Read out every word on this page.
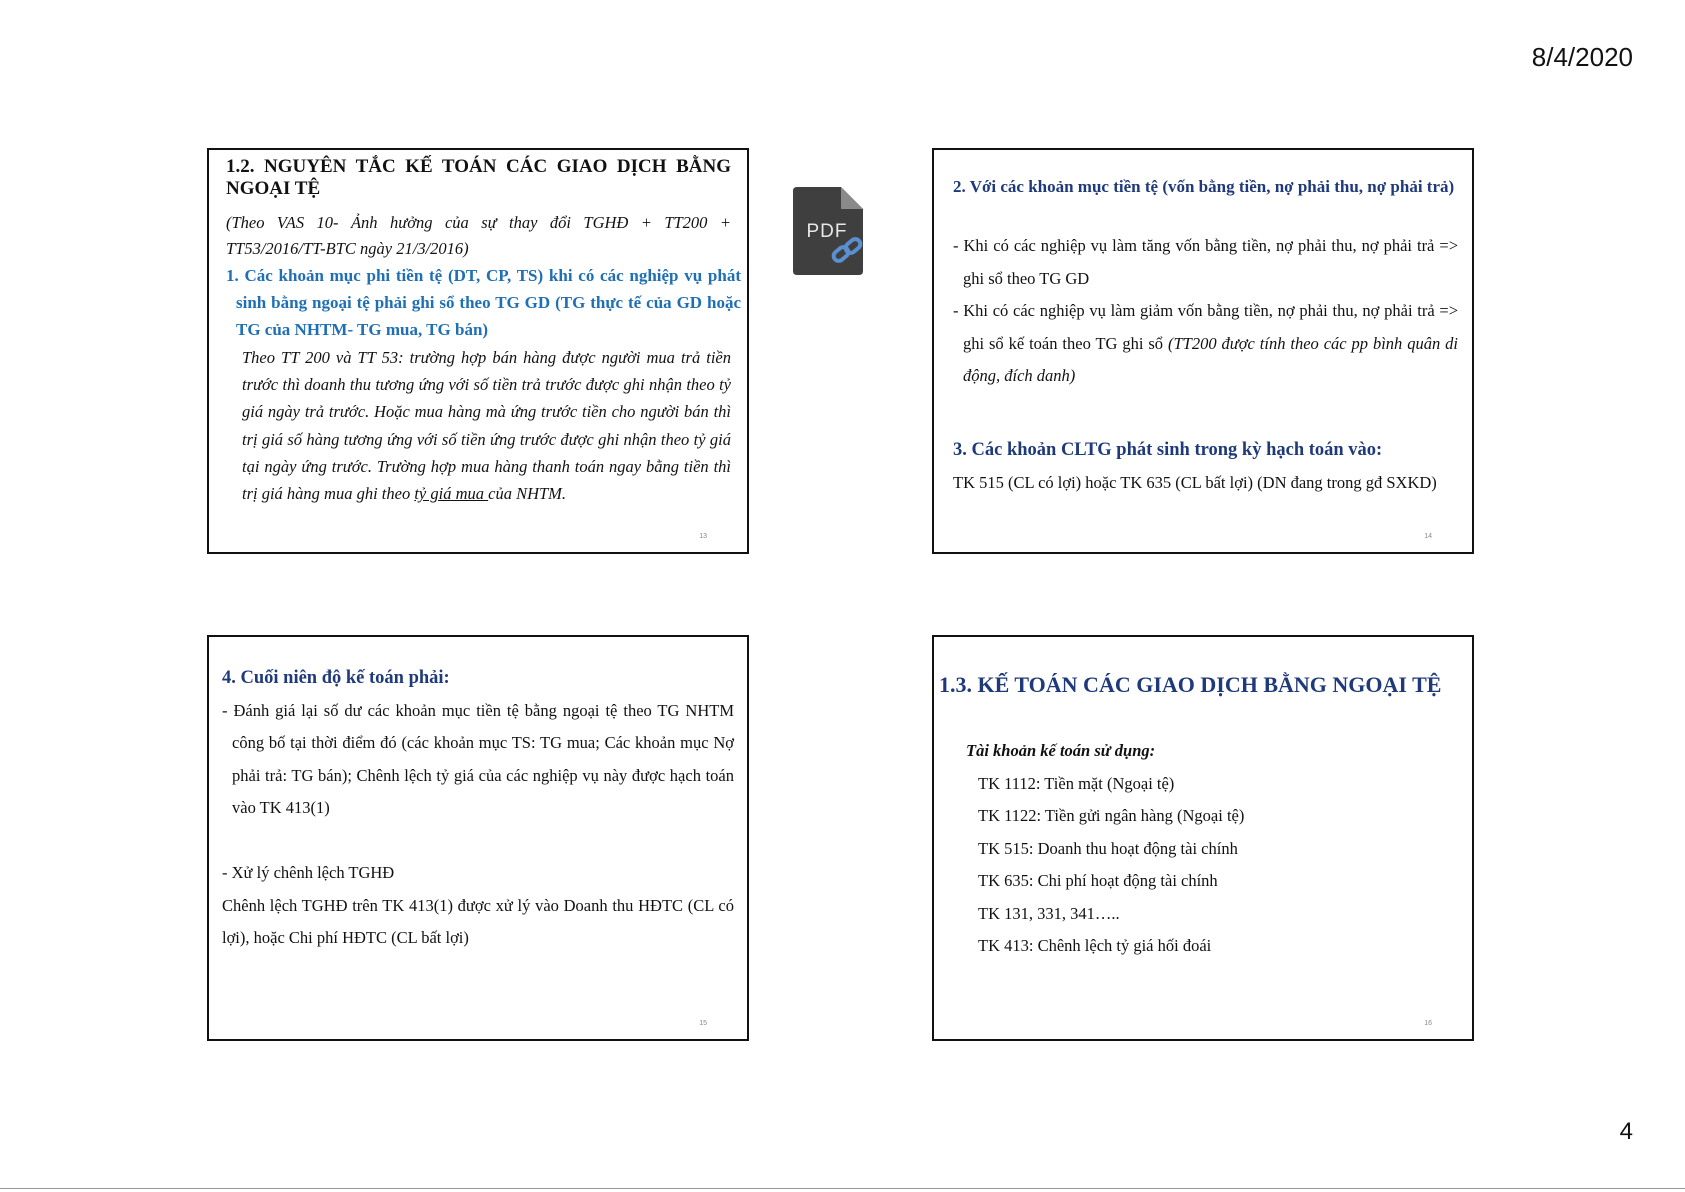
8/4/2020

1.2. NGUYÊN TẮC KẾ TOÁN CÁC GIAO DỊCH BẰNG NGOẠI TỆ

(Theo VAS 10- Ảnh hưởng của sự thay đổi TGHĐ + TT200 + TT53/2016/TT-BTC ngày 21/3/2016)

1. Các khoản mục phi tiền tệ (DT, CP, TS) khi có các nghiệp vụ phát sinh bằng ngoại tệ phải ghi sổ theo TG GD (TG thực tế của GD hoặc TG của NHTM- TG mua, TG bán)

Theo TT 200 và TT 53: trường hợp bán hàng được người mua trả tiền trước thì doanh thu tương ứng với số tiền trả trước được ghi nhận theo tỷ giá ngày trả trước. Hoặc mua hàng mà ứng trước tiền cho người bán thì trị giá số hàng tương ứng với số tiền ứng trước được ghi nhận theo tỷ giá tại ngày ứng trước. Trường hợp mua hàng thanh toán ngay bằng tiền thì trị giá hàng mua ghi theo tỷ giá mua của NHTM.

13
PDF

2. Với các khoản mục tiền tệ (vốn bằng tiền, nợ phải thu, nợ phải trả)

- Khi có các nghiệp vụ làm tăng vốn bằng tiền, nợ phải thu, nợ phải trả => ghi sổ theo TG GD

- Khi có các nghiệp vụ làm giảm vốn bằng tiền, nợ phải thu, nợ phải trả => ghi sổ kế toán theo TG ghi sổ (TT200 được tính theo các pp bình quân di động, đích danh)

3. Các khoản CLTG phát sinh trong kỳ hạch toán vào:

TK 515 (CL có lợi) hoặc TK 635 (CL bất lợi) (DN đang trong gđ SXKD)

14

4. Cuối niên độ kế toán phải:

- Đánh giá lại số dư các khoản mục tiền tệ bằng ngoại tệ theo TG NHTM công bố tại thời điểm đó (các khoản mục TS: TG mua; Các khoản mục Nợ phải trả: TG bán); Chênh lệch tỷ giá của các nghiệp vụ này được hạch toán vào TK 413(1)

- Xử lý chênh lệch TGHĐ

Chênh lệch TGHĐ trên TK 413(1) được xử lý vào Doanh thu HĐTC (CL có lợi), hoặc Chi phí HĐTC (CL bất lợi)

15

1.3. KẾ TOÁN CÁC GIAO DỊCH BẰNG NGOẠI TỆ

Tài khoản kế toán sử dụng:

TK 1112: Tiền mặt (Ngoại tệ)

TK 1122: Tiền gửi ngân hàng (Ngoại tệ)

TK 515: Doanh thu hoạt động tài chính

TK 635: Chi phí hoạt động tài chính

TK 131, 331, 341…..

TK 413: Chênh lệch tỷ giá hối đoái

16
4
